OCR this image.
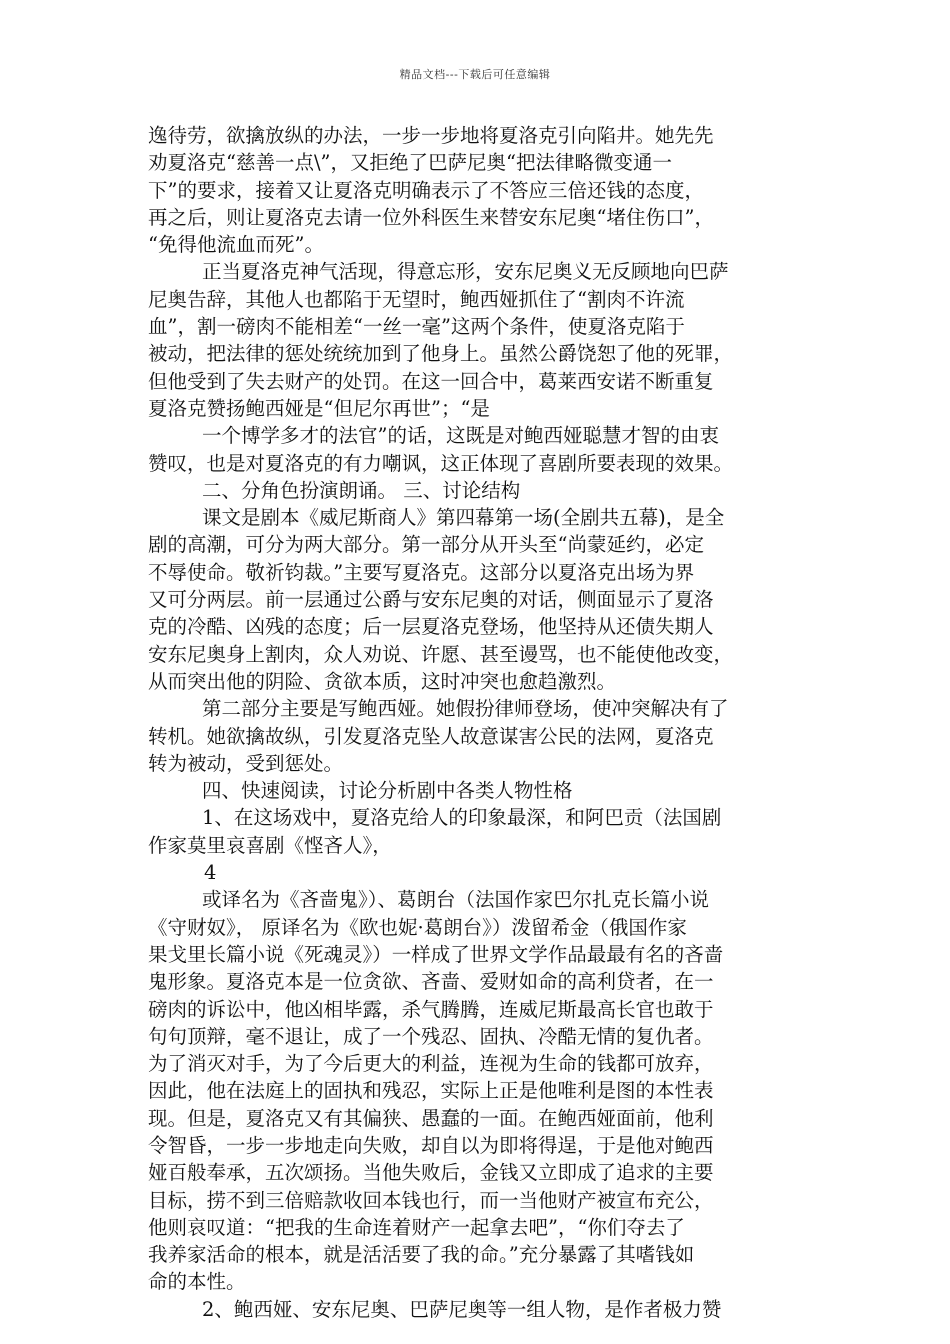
精品文档---下载后可任意编辑
逸待劳，欲擒放纵的办法，一步一步地将夏洛克引向陷井。她先先
劝夏洛克“慈善一点\”，又拒绝了巴萨尼奥“把法律略微变通一
下”的要求，接着又让夏洛克明确表示了不答应三倍还钱的态度，
再之后，则让夏洛克去请一位外科医生来替安东尼奥“堵住伤口”，
“免得他流血而死”。
正当夏洛克神气活现，得意忘形，安东尼奥义无反顾地向巴萨
尼奥告辞，其他人也都陷于无望时，鲍西娅抓住了“割肉不许流
血”，割一磅肉不能相差“一丝一毫”这两个条件，使夏洛克陷于
被动，把法律的惩处统统加到了他身上。虽然公爵饶恕了他的死罪，
但他受到了失去财产的处罚。在这一回合中，葛莱西安诺不断重复
夏洛克赞扬鲍西娅是“但尼尔再世”；“是
一个博学多才的法官”的话，这既是对鲍西娅聪慧才智的由衷
赞叹，也是对夏洛克的有力嘲讽，这正体现了喜剧所要表现的效果。
二、分角色扮演朗诵。 三、讨论结构
课文是剧本《威尼斯商人》第四幕第一场(全剧共五幕)，是全
剧的高潮，可分为两大部分。第一部分从开头至“尚蒙延约，必定
不辱使命。敬祈钧裁。”主要写夏洛克。这部分以夏洛克出场为界
又可分两层。前一层通过公爵与安东尼奥的对话，侧面显示了夏洛
克的冷酷、凶残的态度；后一层夏洛克登场，他坚持从还债失期人
安东尼奥身上割肉，众人劝说、许愿、甚至谩骂，也不能使他改变，
从而突出他的阴险、贪欲本质，这时冲突也愈趋激烈。
第二部分主要是写鲍西娅。她假扮律师登场，使冲突解决有了
转机。她欲擒故纵，引发夏洛克坠人故意谋害公民的法网，夏洛克
转为被动，受到惩处。
四、快速阅读，讨论分析剧中各类人物性格
1、在这场戏中，夏洛克给人的印象最深，和阿巴贡（法国剧
作家莫里哀喜剧《悭吝人》，
4
或译名为《吝啬鬼》）、葛朗台（法国作家巴尔扎克长篇小说
《守财奴》， 原译名为《欧也妮·葛朗台》）泼留希金（俄国作家
果戈里长篇小说《死魂灵》）一样成了世界文学作品最最有名的吝啬
鬼形象。夏洛克本是一位贪欲、吝啬、爱财如命的高利贷者，在一
磅肉的诉讼中，他凶相毕露，杀气腾腾，连威尼斯最高长官也敢于
句句顶辩，毫不退让，成了一个残忍、固执、冷酷无情的复仇者。
为了消灭对手，为了今后更大的利益，连视为生命的钱都可放弃，
因此，他在法庭上的固执和残忍，实际上正是他唯利是图的本性表
现。但是，夏洛克又有其偏狭、愚蠢的一面。在鲍西娅面前，他利
令智昏，一步一步地走向失败，却自以为即将得逞，于是他对鲍西
娅百般奉承，五次颂扬。当他失败后，金钱又立即成了追求的主要
目标，捞不到三倍赔款收回本钱也行，而一当他财产被宣布充公，
他则哀叹道：“把我的生命连着财产一起拿去吧”，“你们夺去了
我养家活命的根本，就是活活要了我的命。”充分暴露了其嗜钱如
命的本性。
2、鲍西娅、安东尼奥、巴萨尼奥等一组人物，是作者极力赞
